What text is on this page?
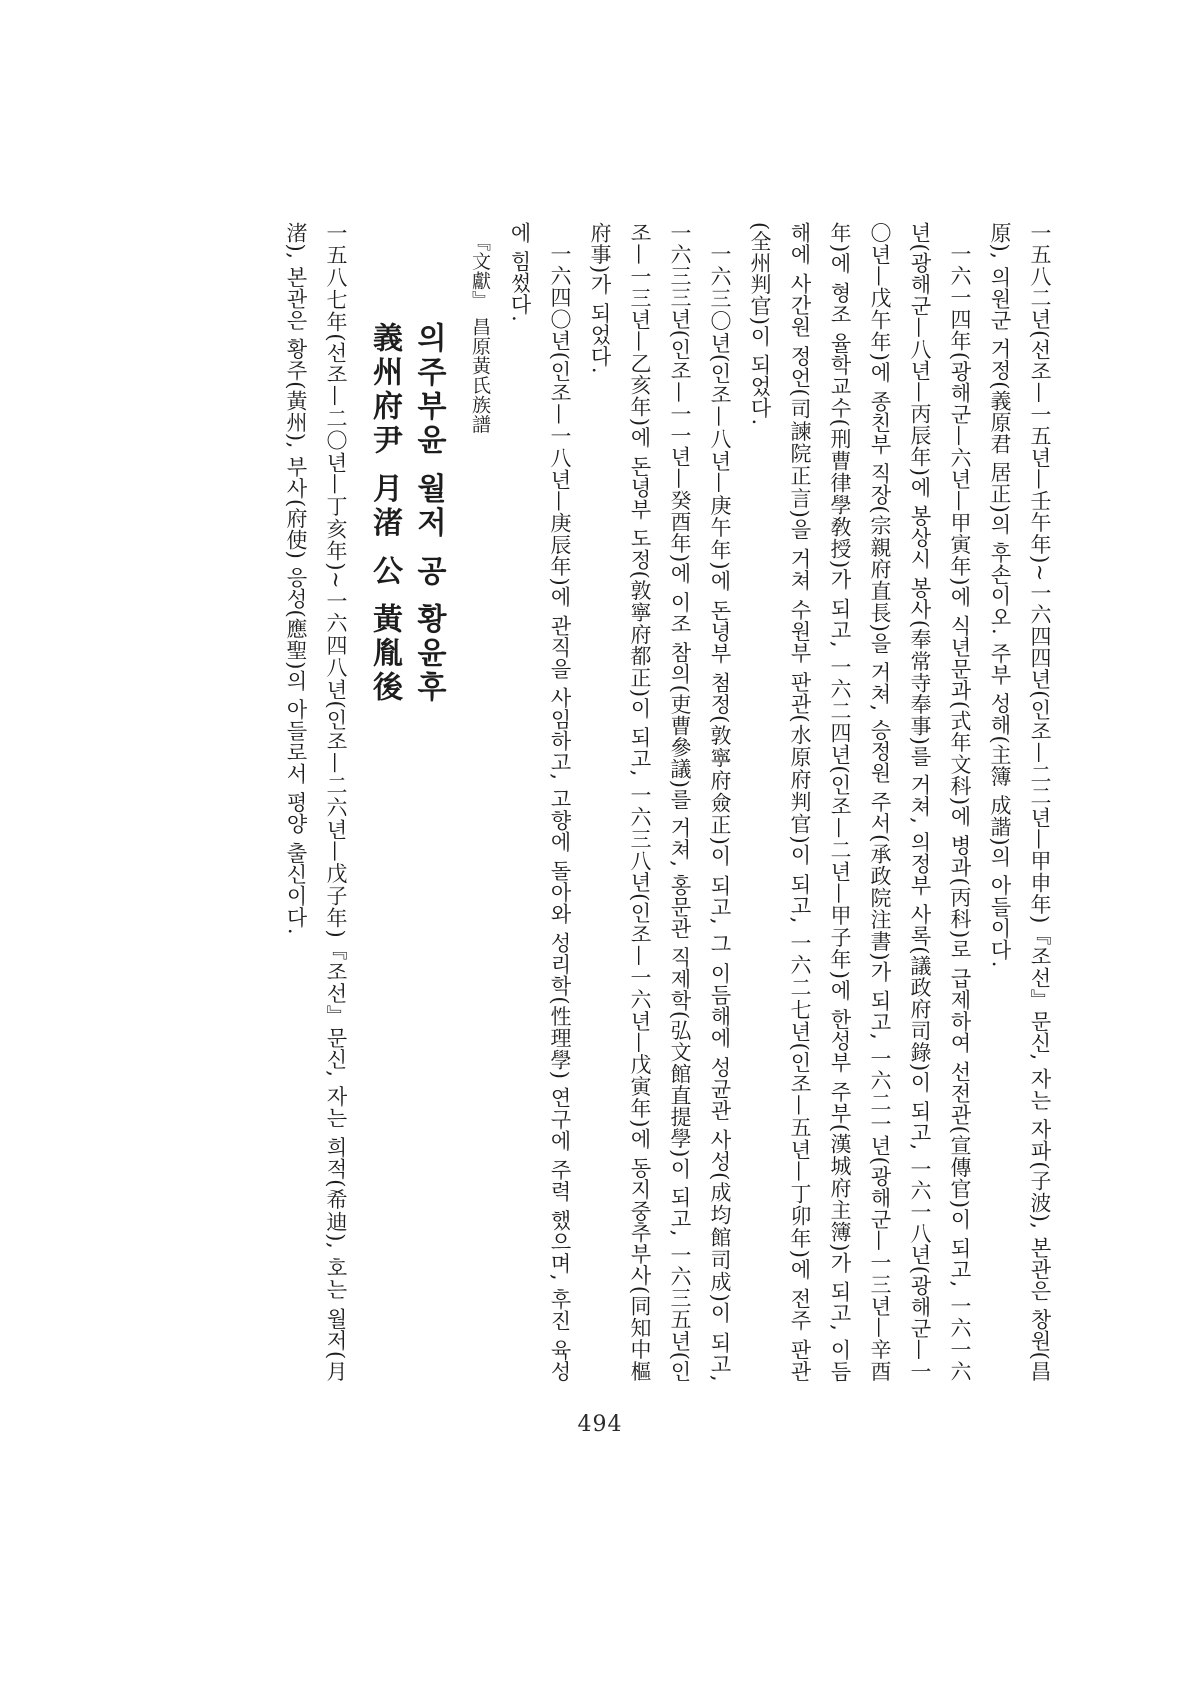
一五八二년(선조—一五년—壬午年)~一六四四년(인조—二二년—甲申年)『조선』문신, 자는 자파(子波), 본관은 창원(昌原), 의원군 거정(義原君 居正)의 후손이오. 주부 성해(主簿 成諧)의 아들이다.

一六一四年(광해군—六년—甲寅年)에 식년문과(式年文科)에 병과(丙科)로 급제하여 선전관(宣傳官)이 되고, 一六一六년(광해군—八년—丙辰年)에 봉상시 봉사(奉常寺奉事)를 거쳐, 의정부 사록(議政府司錄)이 되고, 一六一八년(광해군—一〇년—戊午年)에 종친부 직장(宗親府直長)을 거쳐, 승정원 주서(承政院注書)가 되고, 一六二一년(광해군—一三년—辛酉年)에 형조 율학교수(刑曹律學敎授)가 되고, 一六二四년(인조—二년—甲子年)에 한성부 주부(漢城府主簿)가 되고, 이듬해에 사간원 정언(司諫院正言)을 거쳐 수원부 판관(水原府判官)이 되고, 一六二七년(인조—五년—丁卯年)에 전주 판관(全州判官)이 되었다.

一六三〇년(인조—八년—庚午年)에 돈녕부 첨정(敦寧府僉正)이 되고, 그 이듬해에 성균관 사성(成均館司成)이 되고, 一六三三년(인조—一一년—癸酉年)에 이조 참의(吏曹參議)를 거쳐, 홍문관 직제학(弘文館直提學)이 되고, 一六三五년(인조—一三년—乙亥年)에 돈녕부 도정(敦寧府都正)이 되고, 一六三八년(인조—一六년—戊寅年)에 동지중추부사(同知中樞府事)가 되었다.

一六四〇년(인조—一八년—庚辰年)에 관직을 사임하고, 고향에 돌아와 성리학(性理學) 연구에 주력 했으며, 후진 육성에 힘썼다.

『文獻』 昌原黃氏族譜

의주부윤 월저 공 황윤후
義州府尹 月渚 公 黃胤後

一五八七年(선조—二〇년—丁亥年)~一六四八년(인조—二六년—戊子年)『조선』문신, 자는 희적(希迪), 호는 월저(月渚), 본관은 황주(黃州), 부사(府使) 응성(應聖)의 아들로서 평양 출신이다.

494
